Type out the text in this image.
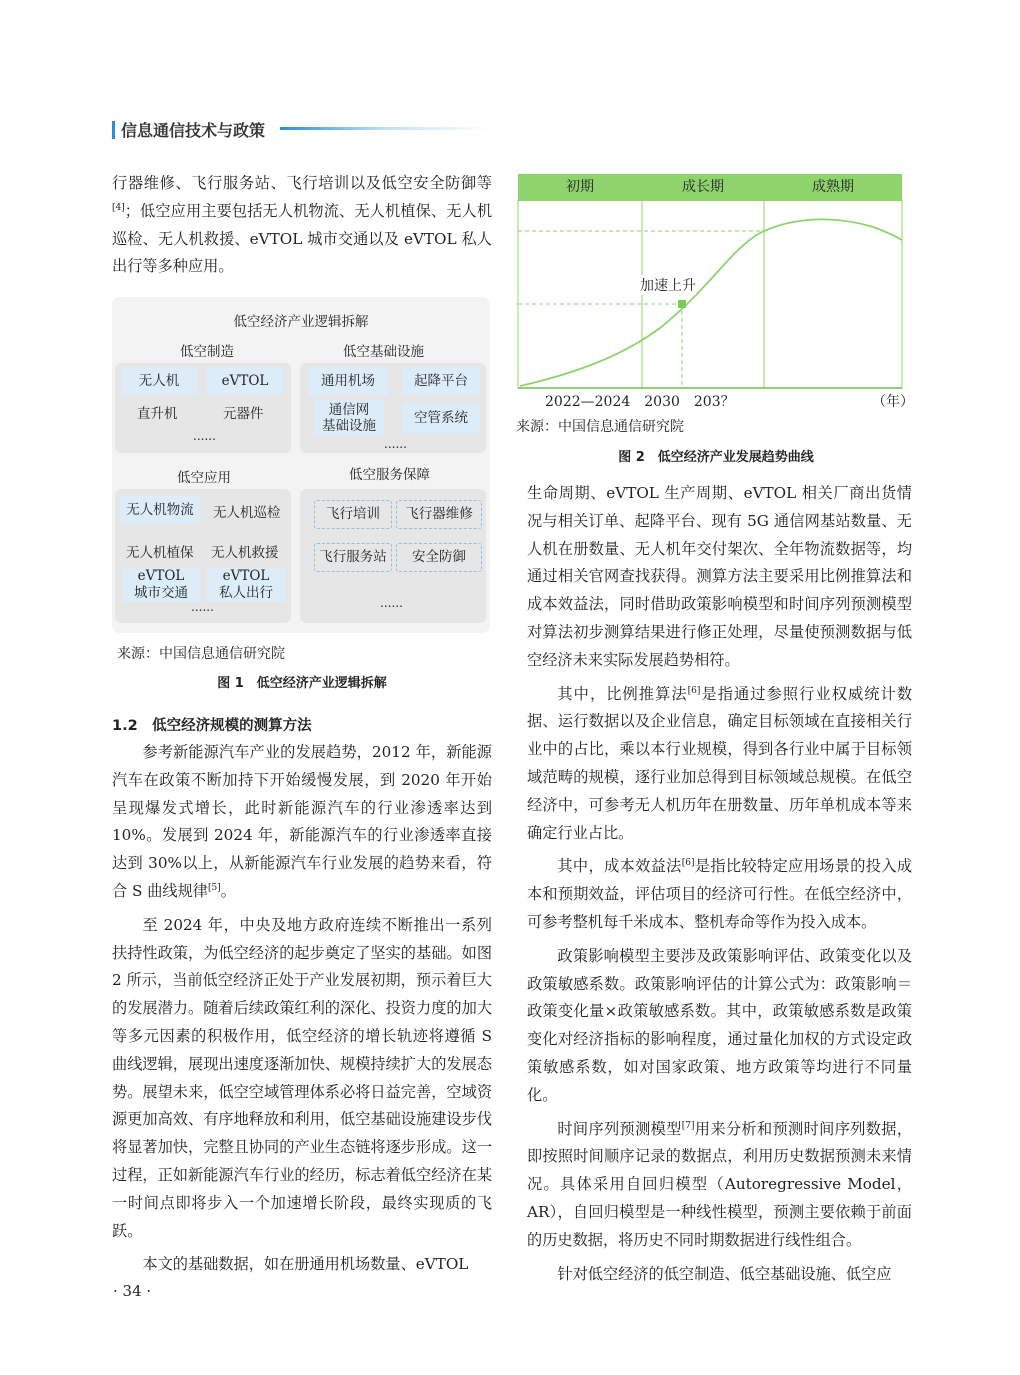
信息通信技术与政策

行器维修、飞行服务站、飞行培训以及低空安全防御等[4]；低空应用主要包括无人机物流、无人机植保、无人机巡检、无人机救援、eVTOL 城市交通以及 eVTOL 私人出行等多种应用。

低空经济产业逻辑拆解
低空制造
无人机	eVTOL
直升机	元器件
......
低空基础设施
通用机场	起降平台
通信网
基础设施	空管系统
......
低空应用
无人机物流	无人机巡检
无人机植保 无人机救援
eVTOL
城市交通
eVTOL
私人出行
......
低空服务保障
飞行培训	飞行器维修
飞行服务站	安全防御
......
来源：中国信息通信研究院
图 1　低空经济产业逻辑拆解
1.2　低空经济规模的测算方法

参考新能源汽车产业的发展趋势，2012 年，新能源汽车在政策不断加持下开始缓慢发展，到 2020 年开始呈现爆发式增长，此时新能源汽车的行业渗透率达到 10%。发展到 2024 年，新能源汽车的行业渗透率直接达到 30%以上，从新能源汽车行业发展的趋势来看，符合 S 曲线规律[5]。

至 2024 年，中央及地方政府连续不断推出一系列扶持性政策，为低空经济的起步奠定了坚实的基础。如图 2 所示，当前低空经济正处于产业发展初期，预示着巨大的发展潜力。随着后续政策红利的深化、投资力度的加大等多元因素的积极作用，低空经济的增长轨迹将遵循 S 曲线逻辑，展现出速度逐渐加快、规模持续扩大的发展态势。展望未来，低空空域管理体系必将日益完善，空域资源更加高效、有序地释放和利用，低空基础设施建设步伐将显著加快，完整且协同的产业生态链将逐步形成。这一过程，正如新能源汽车行业的经历，标志着低空经济在某一时间点即将步入一个加速增长阶段，最终实现质的飞跃。

本文的基础数据，如在册通用机场数量、eVTOL

初期	成长期	成熟期
加速上升
2022—2024　2030　203？	（年）
来源：中国信息通信研究院
图 2　低空经济产业发展趋势曲线

生命周期、eVTOL 生产周期、eVTOL 相关厂商出货情况与相关订单、起降平台、现有 5G 通信网基站数量、无人机在册数量、无人机年交付架次、全年物流数据等，均通过相关官网查找获得。测算方法主要采用比例推算法和成本效益法，同时借助政策影响模型和时间序列预测模型对算法初步测算结果进行修正处理，尽量使预测数据与低空经济未来实际发展趋势相符。

其中，比例推算法[6]是指通过参照行业权威统计数据、运行数据以及企业信息，确定目标领域在直接相关行业中的占比，乘以本行业规模，得到各行业中属于目标领域范畴的规模，逐行业加总得到目标领域总规模。在低空经济中，可参考无人机历年在册数量、历年单机成本等来确定行业占比。

其中，成本效益法[6]是指比较特定应用场景的投入成本和预期效益，评估项目的经济可行性。在低空经济中，可参考整机每千米成本、整机寿命等作为投入成本。

政策影响模型主要涉及政策影响评估、政策变化以及政策敏感系数。政策影响评估的计算公式为：政策影响＝政策变化量×政策敏感系数。其中，政策敏感系数是政策变化对经济指标的影响程度，通过量化加权的方式设定政策敏感系数，如对国家政策、地方政策等均进行不同量化。

时间序列预测模型[7]用来分析和预测时间序列数据，即按照时间顺序记录的数据点，利用历史数据预测未来情况。具体采用自回归模型（Autoregressive Model，AR），自回归模型是一种线性模型，预测主要依赖于前面的历史数据，将历史不同时期数据进行线性组合。

针对低空经济的低空制造、低空基础设施、低空应

· 34 ·
